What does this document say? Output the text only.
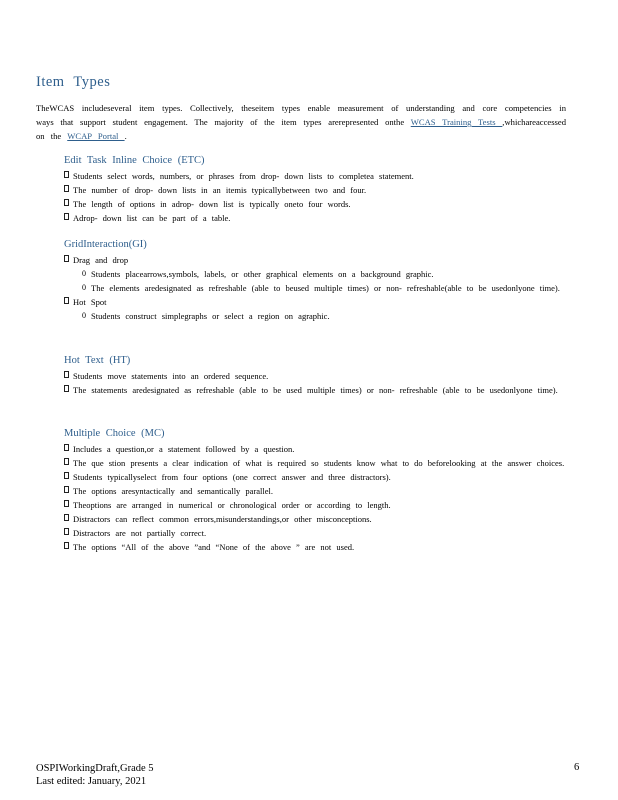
Item Types
TheWCAS includeseveral item types. Collectively, theseitem types enable measurement of understanding and core competencies in ways that support student engagement. The majority of the item types arerepresented onthe WCAS Training Tests ,whichareaccessed on the WCAP Portal .
Edit Task Inline Choice (ETC)
Students select words, numbers, or phrases from drop- down lists to completea statement.
The number of drop- down lists in an itemis typicallybetween two and four.
The length of options in adrop- down list is typically oneto four words.
Adrop- down list can be part of a table.
GridInteraction(GI)
Drag and drop
0 Students placearrows,symbols, labels, or other graphical elements on a background graphic.
0 The elements aredesignated as refreshable (able to beused multiple times) or non- refreshable(able to be usedonlyone time).
Hot Spot
0 Students construct simplegraphs or select a region on agraphic.
Hot Text (HT)
Students move statements into an ordered sequence.
The statements aredesignated as refreshable (able to be used multiple times) or non- refreshable (able to be usedonlyone time).
Multiple Choice (MC)
Includes a question,or a statement followed by a question.
The que stion presents a clear indication of what is required so students know what to do beforelooking at the answer choices.
Students typicallyselect from four options (one correct answer and three distractors).
The options aresyntactically and semantically parallel.
Theoptions are arranged in numerical or chronological order or according to length.
Distractors can reflect common errors,misunderstandings,or other misconceptions.
Distractors are not partially correct.
The options “All of the above ”and “None of the above ” are not used.
OSPIWorkingDraft,Grade 5
Last edited: January, 2021
6
